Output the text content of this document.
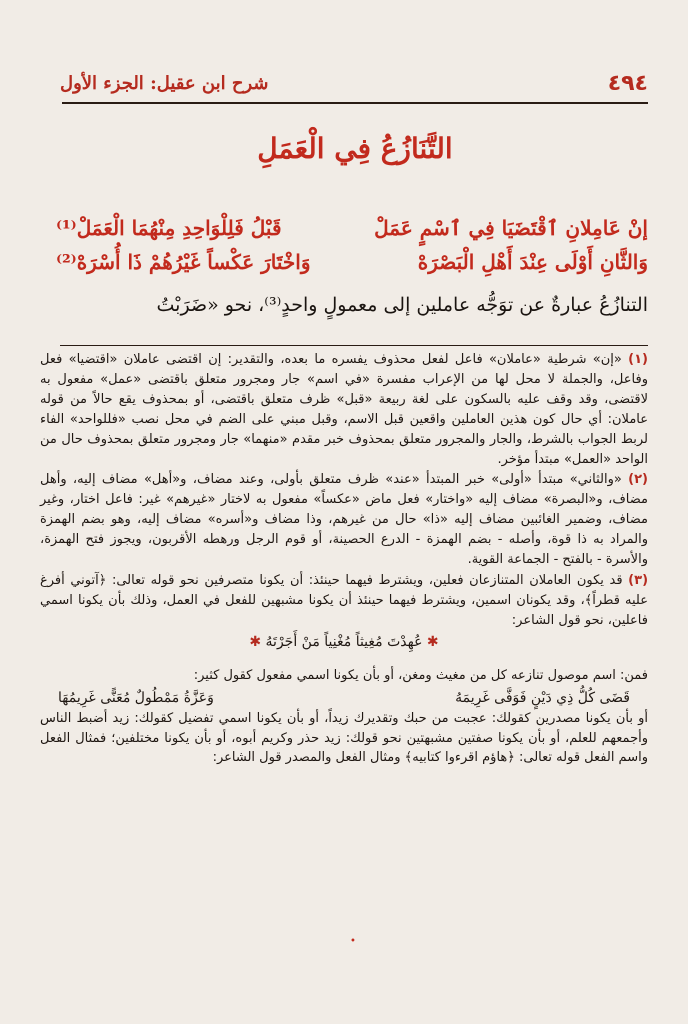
٤٩٤
شرح ابن عقيل: الجزء الأول
التَّنَازُعُ فِي الْعَمَلِ
إنْ عَامِلانِ ٱقْتَضَيَا فِي ٱسْمٍ عَمَلْ
قَبْلُ فَلِلْوَاحِدِ مِنْهُمَا الْعَمَلْ⁽¹⁾
وَالثَّانِ أَوْلَى عِنْدَ أَهْلِ الْبَصْرَهْ
وَاخْتَارَ عَكْساً غَيْرُهُمْ ذَا أُسْرَهْ⁽²⁾
التنازُعُ عبارةٌ عن توَجُّه عاملين إلى معمولٍ واحدٍ⁽³⁾، نحو «ضَرَبْتُ

(١) «إن» شرطية «عاملان» فاعل لفعل محذوف يفسره ما بعده، والتقدير: إن اقتضى عاملان «اقتضيا» فعل وفاعل، والجملة لا محل لها من الإعراب مفسرة «في اسم» جار ومجرور متعلق باقتضى «عمل» مفعول به لاقتضى، وقد وقف عليه بالسكون على لغة ربيعة «قبل» ظرف متعلق باقتضى، أو بمحذوف يقع حالاً من قوله عاملان: أي حال كون هذين العاملين واقعين قبل الاسم، وقبل مبني على الضم في محل نصب «فللواحد» الفاء لربط الجواب بالشرط، والجار والمجرور متعلق بمحذوف خبر مقدم «منهما» جار ومجرور متعلق بمحذوف حال من الواحد «العمل» مبتدأ مؤخر.

(٢) «والثاني» مبتدأ «أولى» خبر المبتدأ «عند» ظرف متعلق بأولى، وعند مضاف، و«أهل» مضاف إليه، وأهل مضاف، و«البصرة» مضاف إليه «واختار» فعل ماض «عكساً» مفعول به لاختار «غيرهم» غير: فاعل اختار، وغير مضاف، وضمير الغائبين مضاف إليه «ذا» حال من غيرهم، وذا مضاف و«أسره» مضاف إليه، وهو بضم الهمزة والمراد به ذا قوة، وأصله - بضم الهمزة - الدرع الحصينة، أو قوم الرجل ورهطه الأقربون، ويجوز فتح الهمزة، والأسرة - بالفتح - الجماعة القوية.

(٣) قد يكون العاملان المتنازعان فعلين، ويشترط فيهما حينئذ: أن يكونا متصرفين نحو قوله تعالى: ﴿آتوني أفرغ عليه قطراً﴾، وقد يكونان اسمين، ويشترط فيهما حينئذ أن يكونا مشبهين للفعل في العمل، وذلك بأن يكونا اسمي فاعلين، نحو قول الشاعر:

✱ عُهِدْتَ مُغِيثاً مُغْنِياً مَنْ أَجَرْتَهُ ✱

فمن: اسم موصول تنازعه كل من مغيث ومغن، أو بأن يكونا اسمي مفعول كقول كثير:

قَضَى كُلُّ ذِي دَيْنٍ فَوَفَّى غَرِيمَهُ
وَعَزَّةُ مَمْطُولٌ مُعَنًّى غَرِيمُهَا

أو بأن يكونا مصدرين كقولك: عجبت من حبك وتقديرك زيداً، أو بأن يكونا اسمي تفضيل كقولك: زيد أضبط الناس وأجمعهم للعلم، أو بأن يكونا صفتين مشبهتين نحو قولك: زيد حذر وكريم أبوه، أو بأن يكونا مختلفين؛ فمثال الفعل واسم الفعل قوله تعالى: ﴿هاؤم اقرءوا كتابيه﴾ ومثال الفعل والمصدر قول الشاعر:

•
